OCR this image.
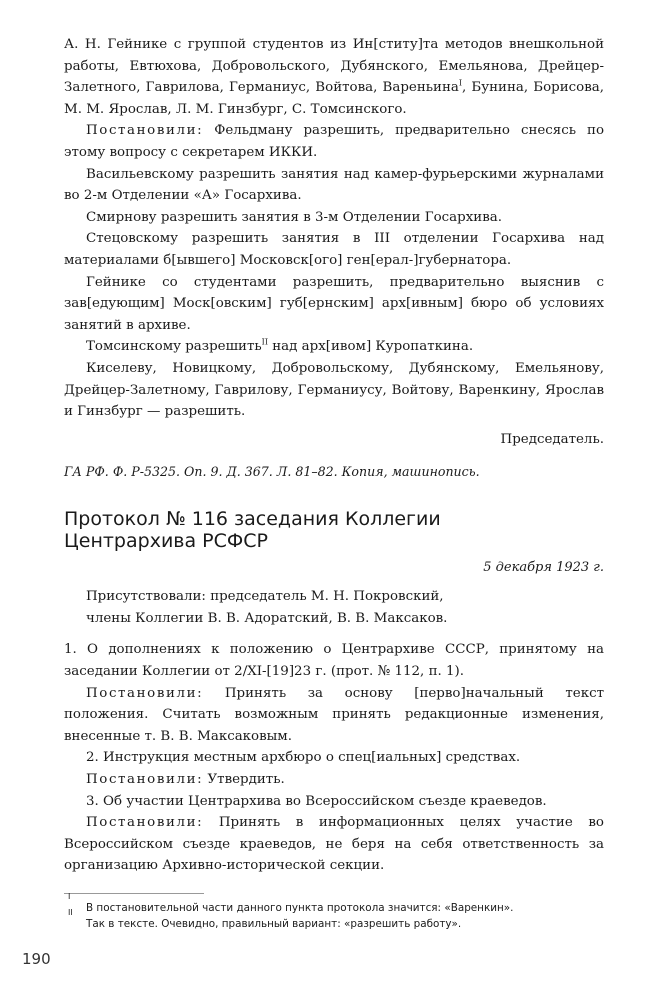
А. Н. Гейнике с группой студентов из Ин[ститу]та методов внешкольной работы, Евтюхова, Добровольского, Дубянского, Емельянова, Дрейцер-Залетного, Гаврилова, Германиус, Войтова, Вареньина$^I$, Бунина, Борисова, М. М. Ярослав, Л. М. Гинзбург, С. Томсинского.

Постановили: Фельдману разрешить, предварительно снесясь по этому вопросу с секретарем ИККИ.

Васильевскому разрешить занятия над камер-фурьерскими журналами во 2-м Отделении «А» Госархива.

Смирнову разрешить занятия в 3-м Отделении Госархива.

Стецовскому разрешить занятия в III отделении Госархива над материалами б[ывшего] Московск[ого] ген[ерал-]губернатора.

Гейнике со студентами разрешить, предварительно выяснив с зав[едующим] Моск[овским] губ[ернским] арх[ивным] бюро об условиях занятий в архиве.

Томсинскому разрешить$^{II}$ над арх[ивом] Куропаткина.

Киселеву, Новицкому, Добровольскому, Дубянскому, Емельянову, Дрейцер-Залетному, Гаврилову, Германиусу, Войтову, Варенкину, Ярослав и Гинзбург — разрешить.

Председатель.

ГА РФ. Ф. Р-5325. Оп. 9. Д. 367. Л. 81–82. Копия, машинопись.

Протокол № 116 заседания Коллегии
Центрархива РСФСР

5 декабря 1923 г.

Присутствовали: председатель М. Н. Покровский,

члены Коллегии В. В. Адоратский, В. В. Максаков.

1. О дополнениях к положению о Центрархиве СССР, принятому на заседании Коллегии от 2/XI-[19]23 г. (прот. № 112, п. 1).

Постановили: Принять за основу [перво]начальный текст положения. Считать возможным принять редакционные изменения, внесенные т. В. В. Максаковым.

2. Инструкция местным архбюро о спец[иальных] средствах.

Постановили: Утвердить.

3. Об участии Центрархива во Всероссийском съезде краеведов.

Постановили: Принять в информационных целях участие во Всероссийском съезде краеведов, не беря на себя ответственность за организацию Архивно-исторической секции.

I
В постановительной части данного пункта протокола значится: «Варенкин».
II
Так в тексте. Очевидно, правильный вариант: «разрешить работу».
190
